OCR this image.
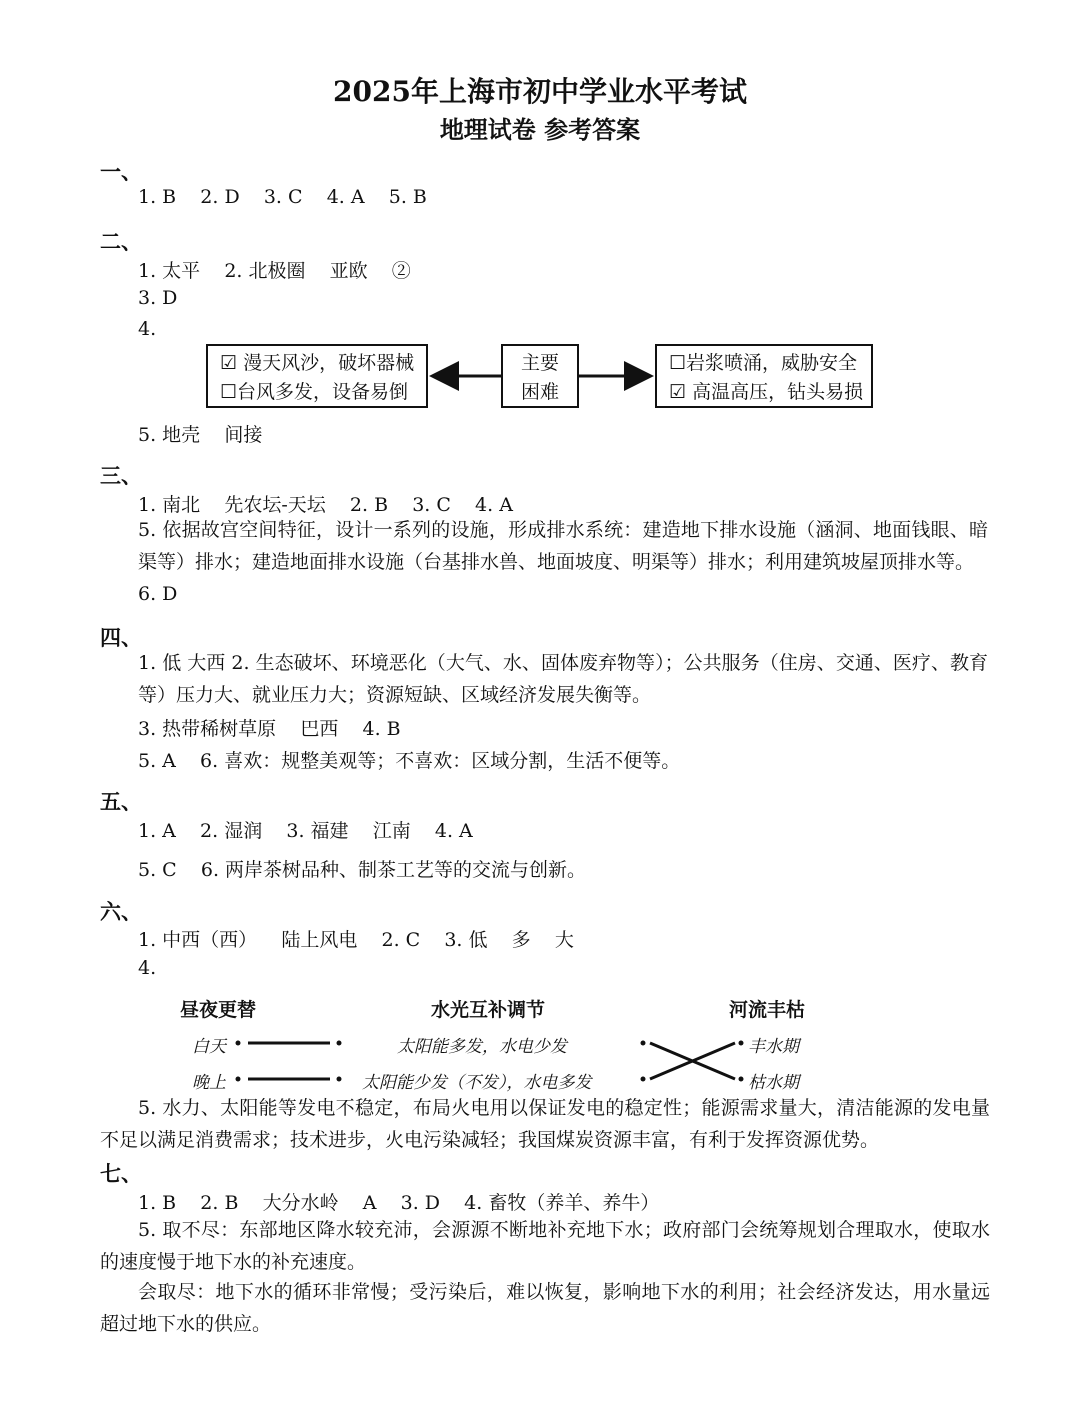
2025年上海市初中学业水平考试
地理试卷 参考答案
一、
1. B    2. D    3. C    4. A    5. B
二、
1. 太平    2. 北极圈    亚欧    ②
3. D
4.
☑ 漫天风沙，破坏器械
☐台风多发，设备易倒
主要
困难
☐岩浆喷涌，威胁安全
☑ 高温高压，钻头易损
5. 地壳    间接
三、
1. 南北    先农坛-天坛    2. B    3. C    4. A
5. 依据故宫空间特征，设计一系列的设施，形成排水系统：建造地下排水设施（涵洞、地面钱眼、暗渠等）排水；建造地面排水设施（台基排水兽、地面坡度、明渠等）排水；利用建筑坡屋顶排水等。
6. D
四、
1. 低 大西 2. 生态破坏、环境恶化（大气、水、固体废弃物等）；公共服务（住房、交通、医疗、教育等）压力大、就业压力大；资源短缺、区域经济发展失衡等。
3. 热带稀树草原    巴西    4. B
5. A    6. 喜欢：规整美观等；不喜欢：区域分割，生活不便等。
五、
1. A    2. 湿润    3. 福建    江南    4. A
5. C    6. 两岸茶树品种、制茶工艺等的交流与创新。
六、
1. 中西（西）    陆上风电    2. C    3. 低    多    大
4.
昼夜更替	水光互补调节	河流丰枯
白天
晚上
太阳能多发，水电少发
太阳能少发（不发），水电多发
丰水期
枯水期
5. 水力、太阳能等发电不稳定，布局火电用以保证发电的稳定性；能源需求量大，清洁能源的发电量不足以满足消费需求；技术进步，火电污染减轻；我国煤炭资源丰富，有利于发挥资源优势。
七、
1. B    2. B    大分水岭    A    3. D    4. 畜牧（养羊、养牛）
5. 取不尽：东部地区降水较充沛，会源源不断地补充地下水；政府部门会统筹规划合理取水，使取水的速度慢于地下水的补充速度。
会取尽：地下水的循环非常慢；受污染后，难以恢复，影响地下水的利用；社会经济发达，用水量远超过地下水的供应。
